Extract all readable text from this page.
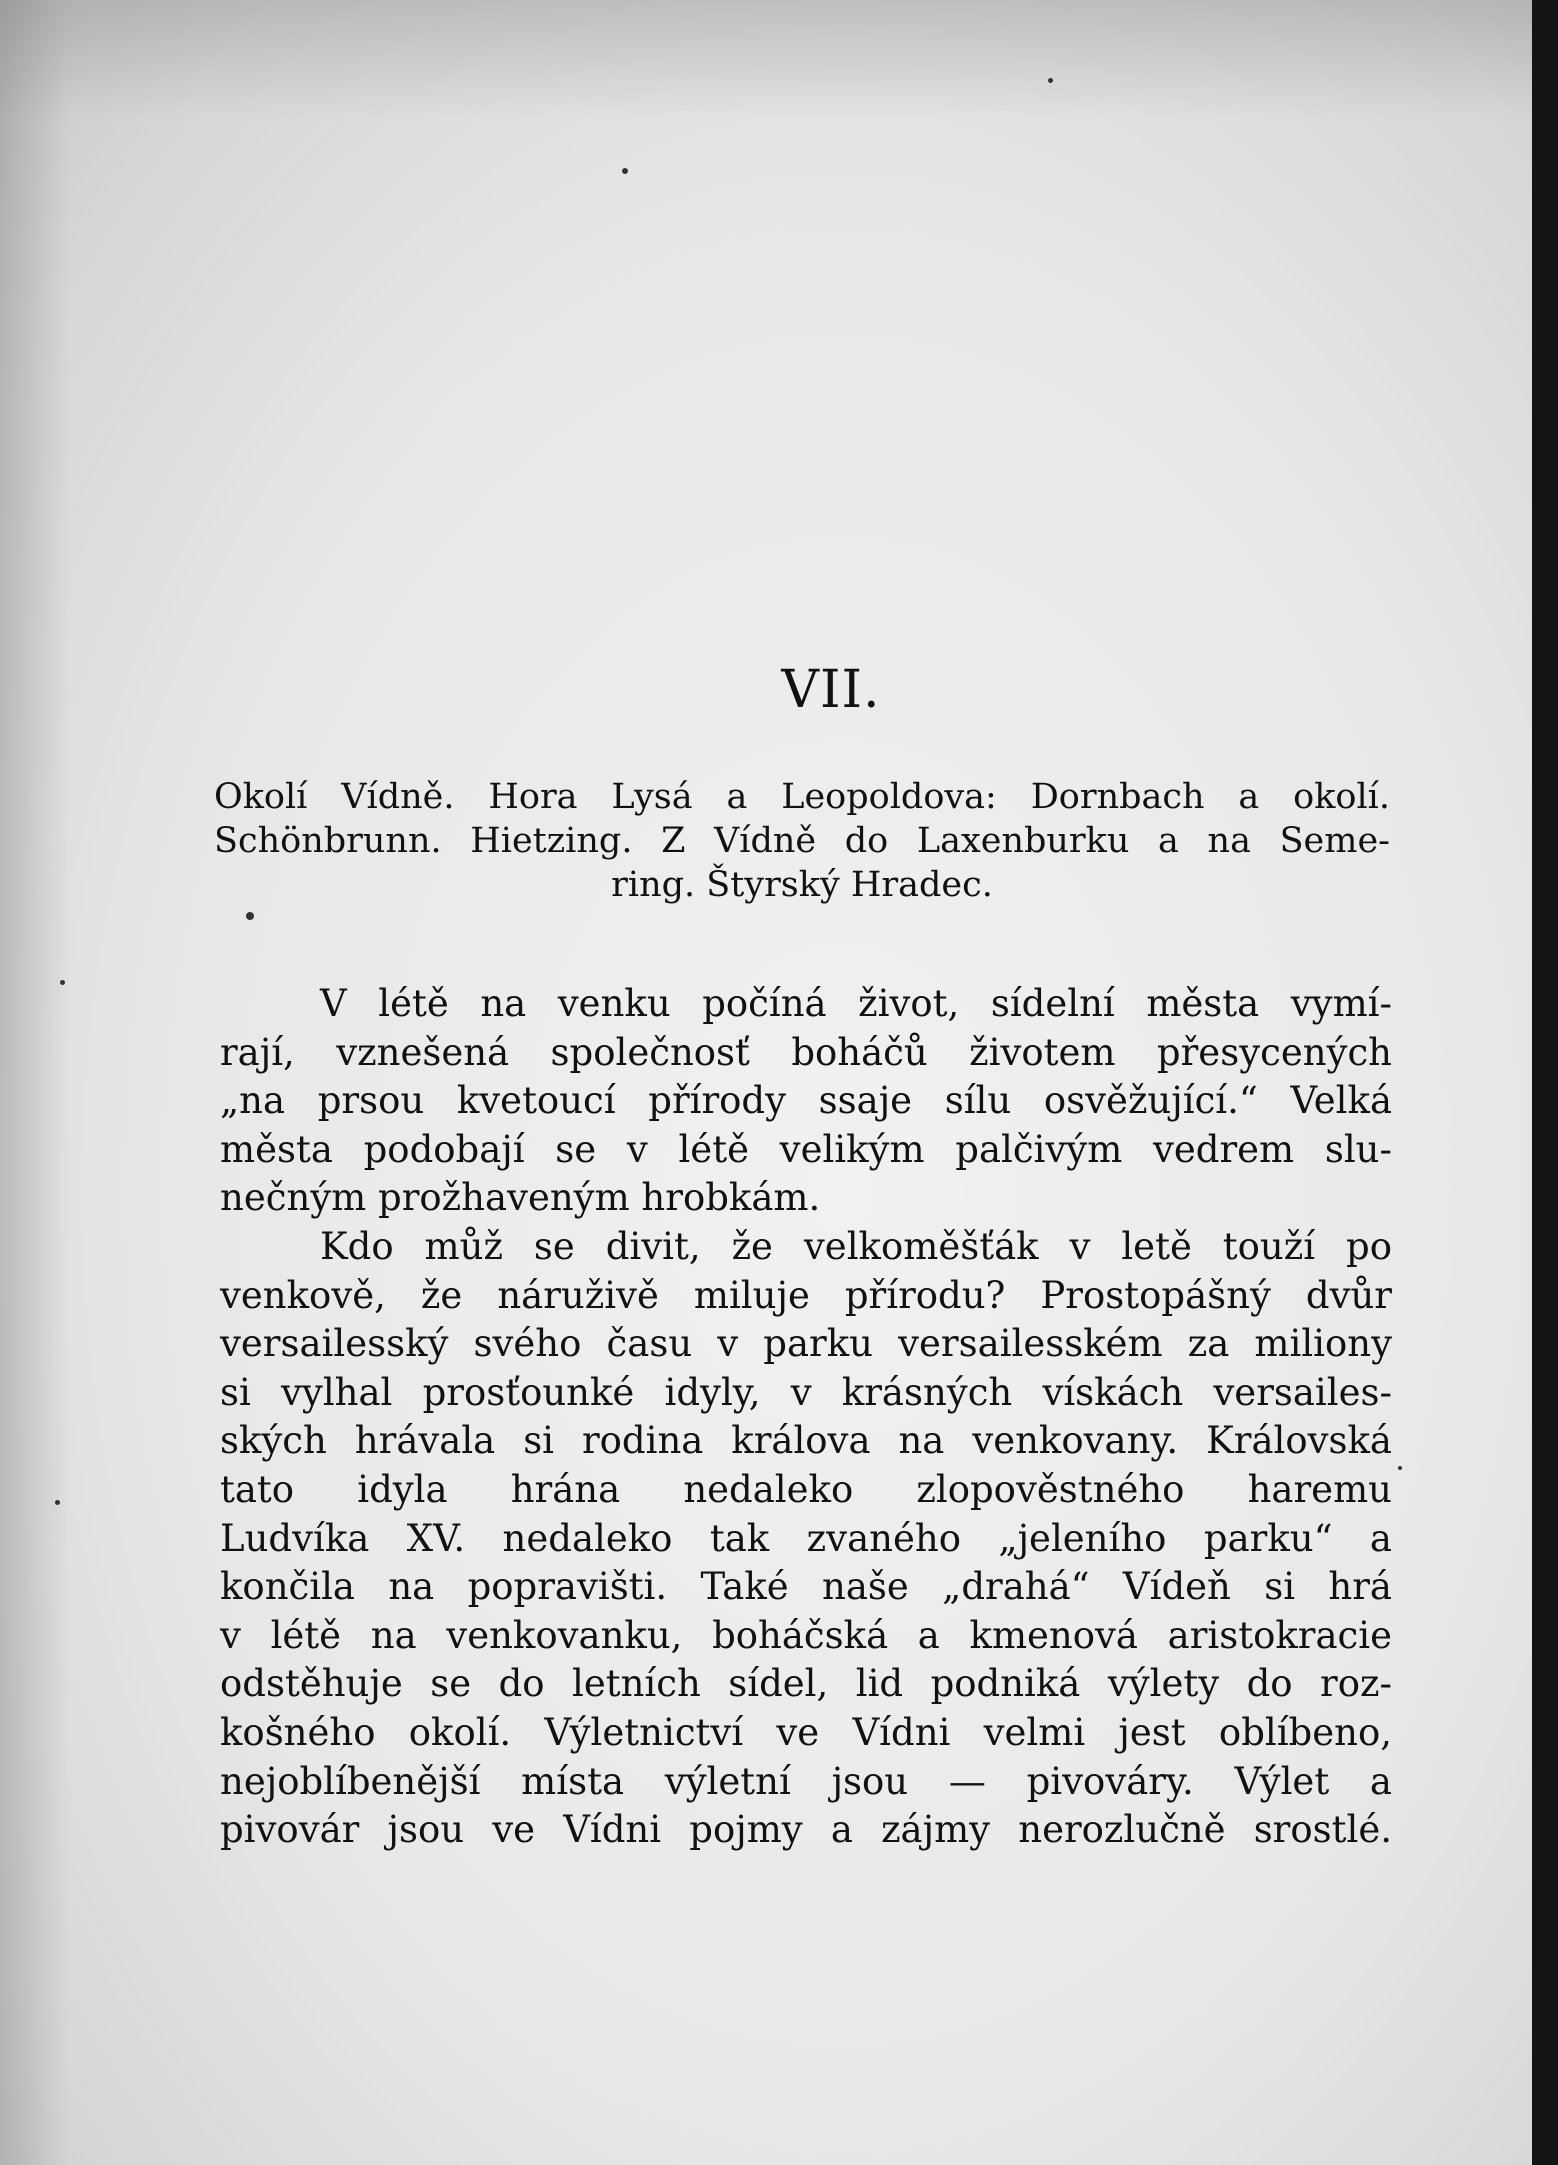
VII.
Okolí Vídně. Hora Lysá a Leopoldova: Dornbach a okolí.
Schönbrunn. Hietzing. Z Vídně do Laxenburku a na Seme-
ring. Štyrský Hradec.
V létě na venku počíná život, sídelní města vymí-
rají, vznešená společnosť boháčů životem přesycených
„na prsou kvetoucí přírody ssaje sílu osvěžující.“ Velká
města podobají se v létě velikým palčivým vedrem slu-
nečným prožhaveným hrobkám.
Kdo můž se divit, že velkoměšťák v letě touží po
venkově, že náruživě miluje přírodu? Prostopášný dvůr
versailesský svého času v parku versailesském za miliony
si vylhal prosťounké idyly, v krásných vískách versailes-
ských hrávala si rodina králova na venkovany. Královská
tato idyla hrána nedaleko zlopověstného haremu
Ludvíka XV. nedaleko tak zvaného „jeleního parku“ a
končila na popravišti. Také naše „drahá“ Vídeň si hrá
v létě na venkovanku, boháčská a kmenová aristokracie
odstěhuje se do letních sídel, lid podniká výlety do roz-
košného okolí. Výletnictví ve Vídni velmi jest oblíbeno,
nejoblíbenější místa výletní jsou — pivováry. Výlet a
pivovár jsou ve Vídni pojmy a zájmy nerozlučně srostlé.
